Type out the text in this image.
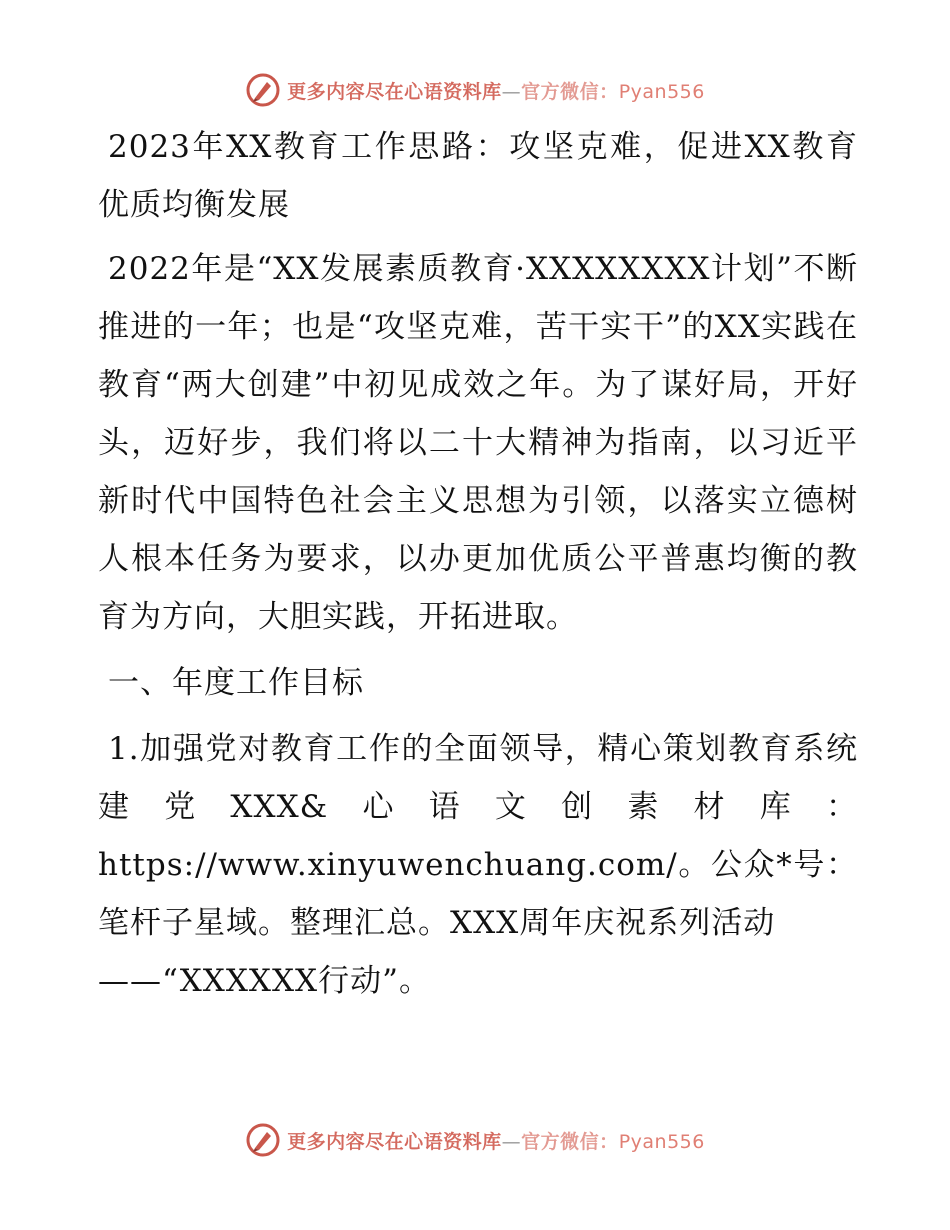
更多内容尽在心语资料库—官方微信：Pyan556

2023年XX教育工作思路：攻坚克难，促进XX教育优质均衡发展

2022年是“XX发展素质教育·XXXXXXXX计划”不断推进的一年；也是“攻坚克难，苦干实干”的XX实践在教育“两大创建”中初见成效之年。为了谋好局，开好头，迈好步，我们将以二十大精神为指南，以习近平新时代中国特色社会主义思想为引领，以落实立德树人根本任务为要求，以办更加优质公平普惠均衡的教育为方向，大胆实践，开拓进取。

一、年度工作目标

1.加强党对教育工作的全面领导，精心策划教育系统建党XXX&心语文创素材库：https://www.xinyuwenchuang.com/。公众*号：笔杆子星域。整理汇总。XXX周年庆祝系列活动

——“XXXXXX行动”。

更多内容尽在心语资料库—官方微信：Pyan556
